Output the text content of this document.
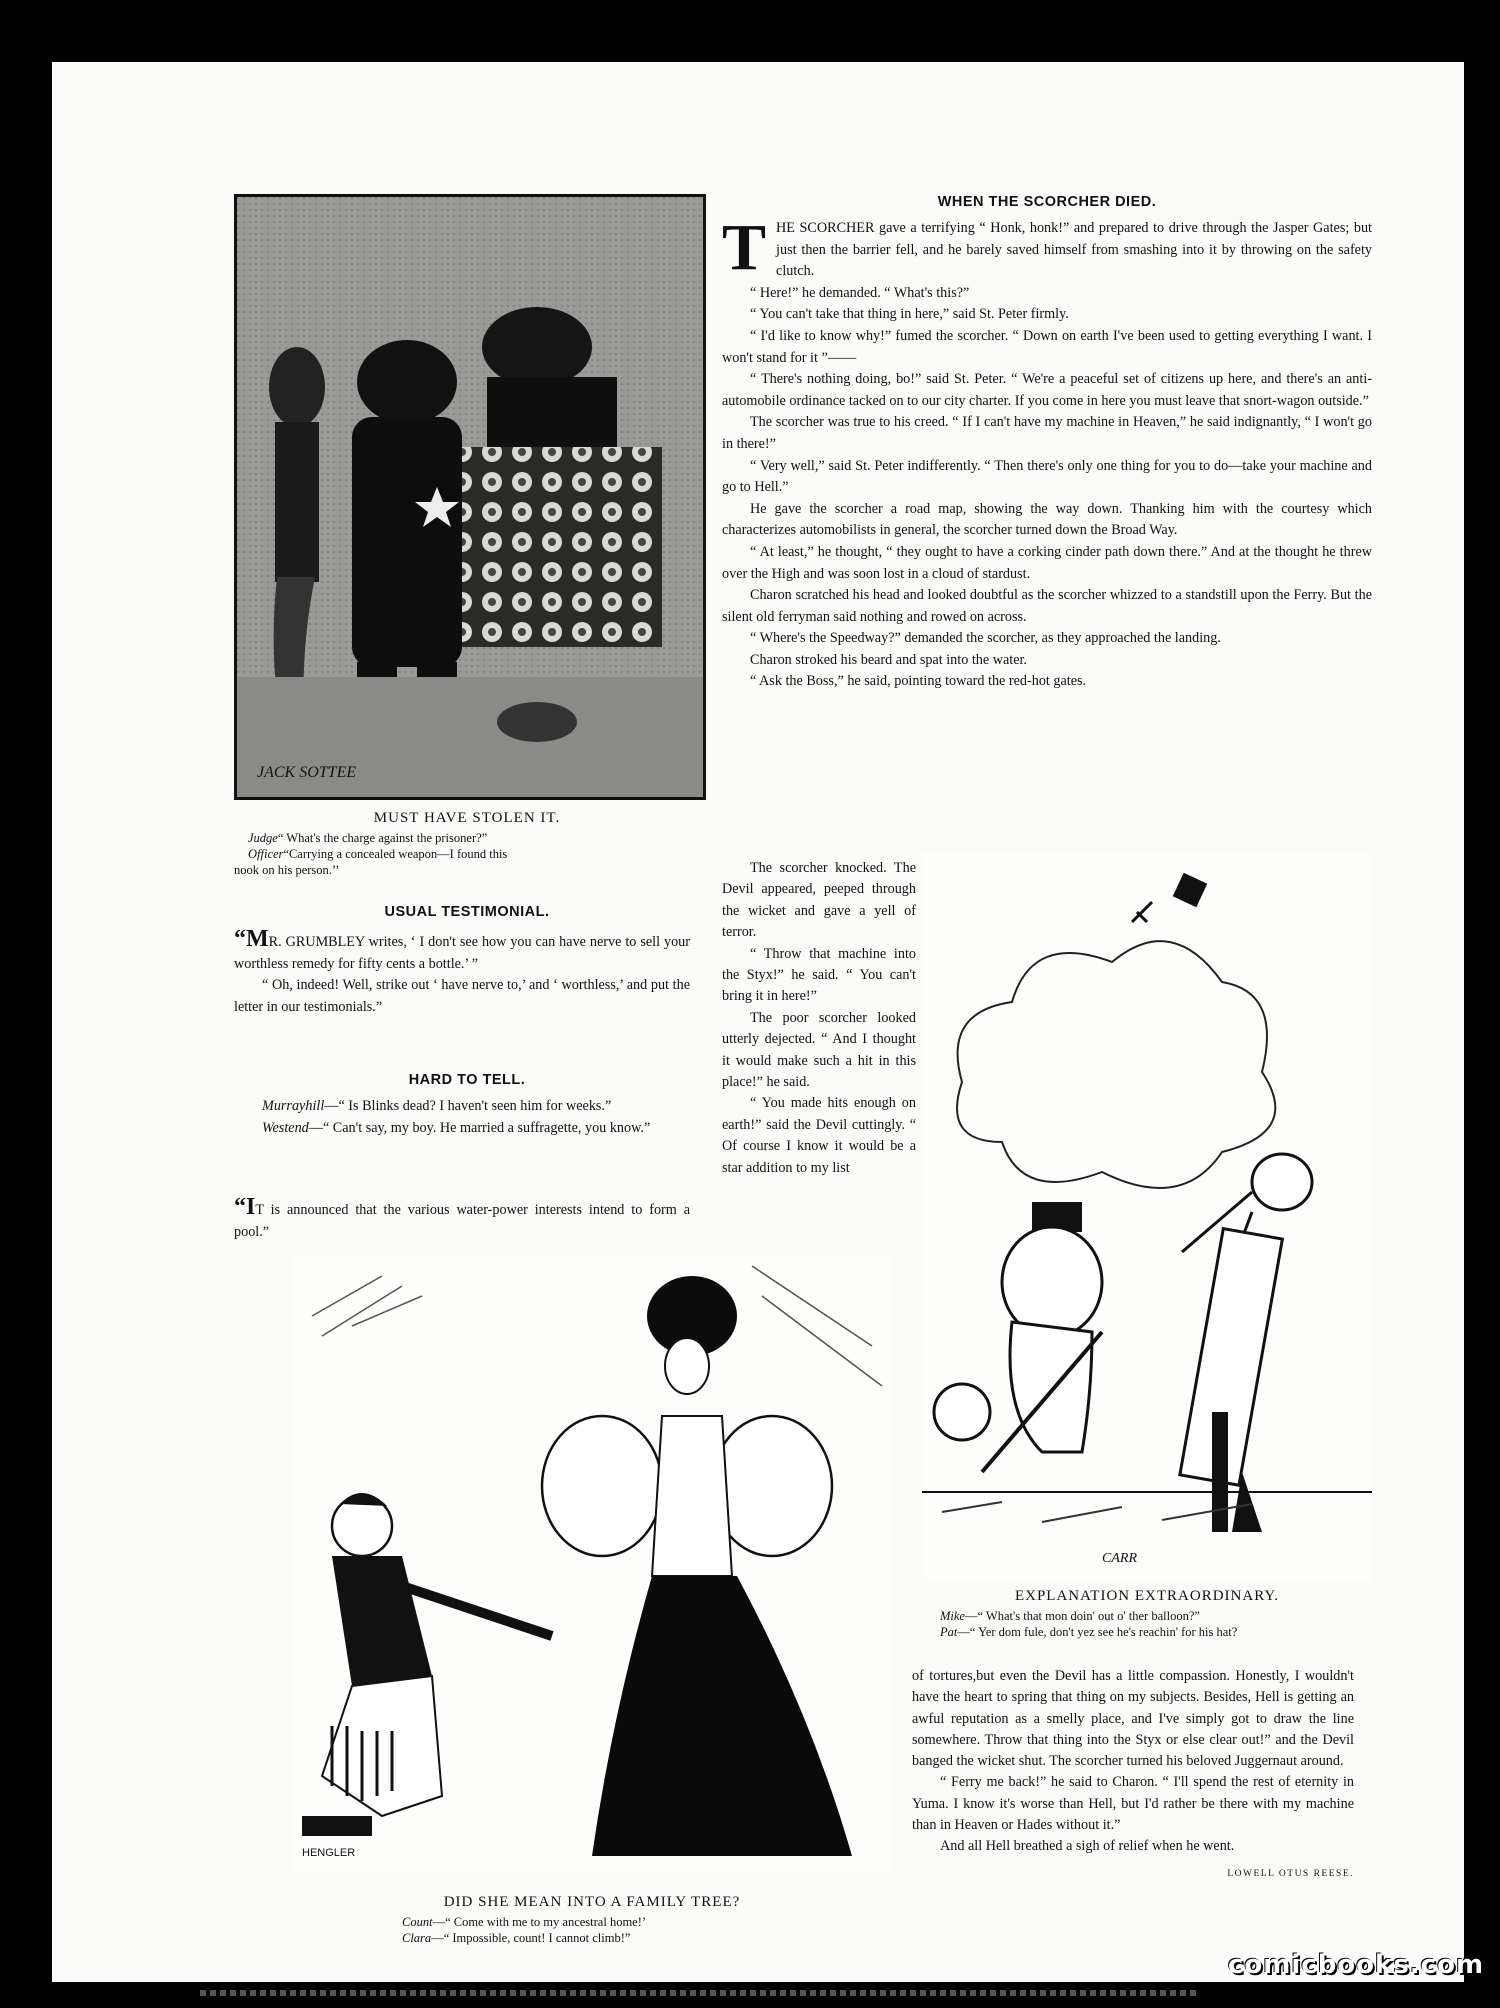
JACK SOTTEE
MUST HAVE STOLEN IT.
Judge“ What's the charge against the prisoner?”
Officer“Carrying a concealed weapon—I found this
nook on his person.’’
USUAL TESTIMONIAL.

“MR. GRUMBLEY writes, ‘ I don't see how you can have nerve to sell your worthless remedy for fifty cents a bottle.’ ”

“ Oh, indeed! Well, strike out ‘ have nerve to,’ and ‘ worthless,’ and put the letter in our testimonials.”

HARD TO TELL.

Murrayhill—“ Is Blinks dead? I haven't seen him for weeks.”

Westend—“ Can't say, my boy. He married a suffragette, you know.”

“IT is announced that the various water-power interests intend to form a pool.”

WHEN THE SCORCHER DIED.

THE SCORCHER gave a terrifying “ Honk, honk!” and prepared to drive through the Jasper Gates; but just then the barrier fell, and he barely saved himself from smashing into it by throwing on the safety clutch.

“ Here!” he demanded. “ What's this?”

“ You can't take that thing in here,” said St. Peter firmly.

“ I'd like to know why!” fumed the scorcher. “ Down on earth I've been used to getting everything I want. I won't stand for it ”——

“ There's nothing doing, bo!” said St. Peter. “ We're a peaceful set of citizens up here, and there's an anti-automobile ordinance tacked on to our city charter. If you come in here you must leave that snort-wagon outside.”

The scorcher was true to his creed. “ If I can't have my machine in Heaven,” he said indignantly, “ I won't go in there!”

“ Very well,” said St. Peter indifferently. “ Then there's only one thing for you to do—take your machine and go to Hell.”

He gave the scorcher a road map, showing the way down. Thanking him with the courtesy which characterizes automobilists in general, the scorcher turned down the Broad Way.

“ At least,” he thought, “ they ought to have a corking cinder path down there.” And at the thought he threw over the High and was soon lost in a cloud of stardust.

Charon scratched his head and looked doubtful as the scorcher whizzed to a standstill upon the Ferry. But the silent old ferryman said nothing and rowed on across.

“ Where's the Speedway?” demanded the scorcher, as they approached the landing.

Charon stroked his beard and spat into the water.

“ Ask the Boss,” he said, pointing toward the red-hot gates.

The scorcher knocked. The Devil appeared, peeped through the wicket and gave a yell of terror.

“ Throw that machine into the Styx!” he said. “ You can't bring it in here!”

The poor scorcher looked utterly dejected. “ And I thought it would make such a hit in this place!” he said.

“ You made hits enough on earth!” said the Devil cuttingly. “ Of course I know it would be a star addition to my list

CARR
EXPLANATION EXTRAORDINARY.
Mike—“ What's that mon doin' out o' ther balloon?”
Pat—“ Yer dom fule, don't yez see he's reachin' for his hat?
HENGLER
DID SHE MEAN INTO A FAMILY TREE?
Count—“ Come with me to my ancestral home!’
Clara—“ Impossible, count! I cannot climb!”

of tortures,but even the Devil has a little compassion. Honestly, I wouldn't have the heart to spring that thing on my subjects. Besides, Hell is getting an awful reputation as a smelly place, and I've simply got to draw the line somewhere. Throw that thing into the Styx or else clear out!” and the Devil banged the wicket shut. The scorcher turned his beloved Juggernaut around.

“ Ferry me back!” he said to Charon. “ I'll spend the rest of eternity in Yuma. I know it's worse than Hell, but I'd rather be there with my machine than in Heaven or Hades without it.”

And all Hell breathed a sigh of relief when he went.

LOWELL OTUS REESE.
comicbooks.com
